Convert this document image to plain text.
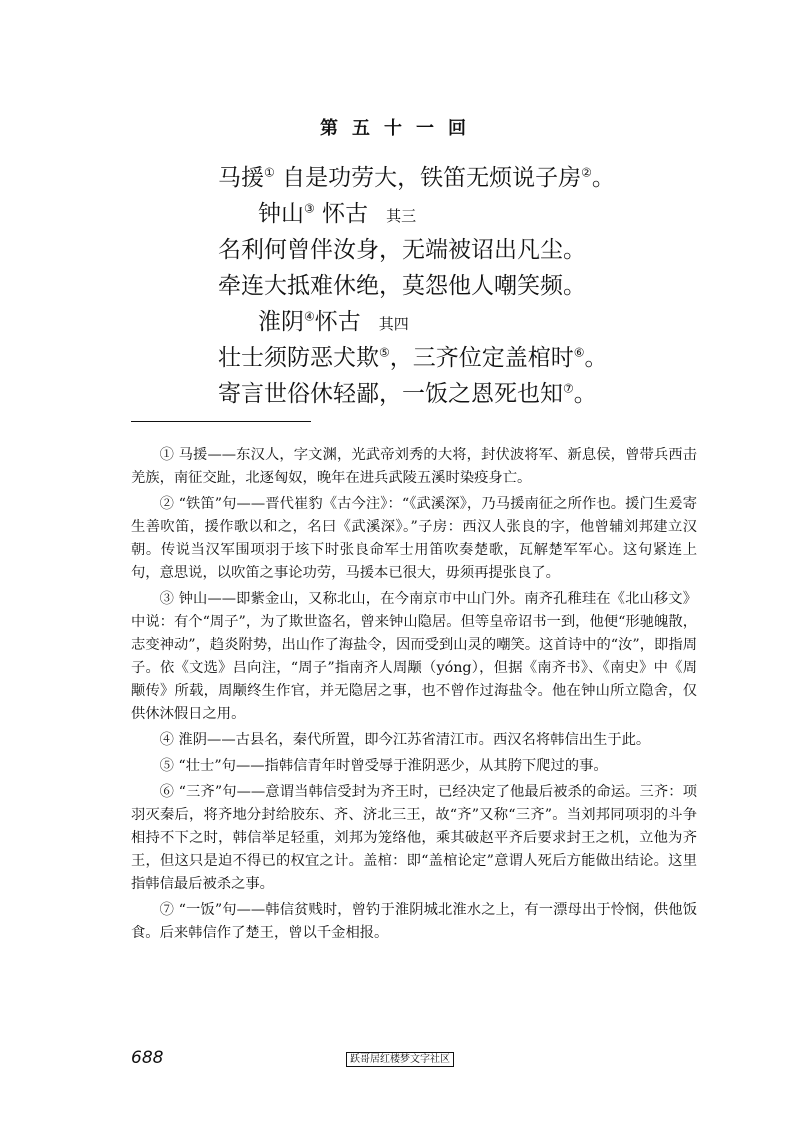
第五十一回
马援① 自是功劳大，铁笛无烦说子房②。
钟山③ 怀古 其三
名利何曾伴汝身，无端被诏出凡尘。
牵连大抵难休绝，莫怨他人嘲笑频。
淮阴④怀古 其四
壮士须防恶犬欺⑤，三齐位定盖棺时⑥。
寄言世俗休轻鄙，一饭之恩死也知⑦。

① 马援——东汉人，字文渊，光武帝刘秀的大将，封伏波将军、新息侯，曾带兵西击羌族，南征交趾，北逐匈奴，晚年在进兵武陵五溪时染疫身亡。

② “铁笛”句——晋代崔豹《古今注》：“《武溪深》，乃马援南征之所作也。援门生爰寄生善吹笛，援作歌以和之，名曰《武溪深》。”子房：西汉人张良的字，他曾辅刘邦建立汉朝。传说当汉军围项羽于垓下时张良命军士用笛吹奏楚歌，瓦解楚军军心。这句紧连上句，意思说，以吹笛之事论功劳，马援本已很大，毋须再提张良了。

③ 钟山——即紫金山，又称北山，在今南京市中山门外。南齐孔稚珪在《北山移文》中说：有个“周子”，为了欺世盗名，曾来钟山隐居。但等皇帝诏书一到，他便“形驰魄散，志变神动”，趋炎附势，出山作了海盐令，因而受到山灵的嘲笑。这首诗中的“汝”，即指周子。依《文选》吕向注，“周子”指南齐人周颙（yóng），但据《南齐书》、《南史》中《周颙传》所载，周颙终生作官，并无隐居之事，也不曾作过海盐令。他在钟山所立隐舍，仅供休沐假日之用。

④ 淮阴——古县名，秦代所置，即今江苏省清江市。西汉名将韩信出生于此。

⑤ “壮士”句——指韩信青年时曾受辱于淮阴恶少，从其胯下爬过的事。

⑥ “三齐”句——意谓当韩信受封为齐王时，已经决定了他最后被杀的命运。三齐：项羽灭秦后，将齐地分封给胶东、齐、济北三王，故“齐”又称“三齐”。当刘邦同项羽的斗争相持不下之时，韩信举足轻重，刘邦为笼络他，乘其破赵平齐后要求封王之机，立他为齐王，但这只是迫不得已的权宜之计。盖棺：即“盖棺论定”意谓人死后方能做出结论。这里指韩信最后被杀之事。

⑦ “一饭”句——韩信贫贱时，曾钓于淮阴城北淮水之上，有一漂母出于怜悯，供他饭食。后来韩信作了楚王，曾以千金相报。

688	跃哥居红楼梦文字社区
